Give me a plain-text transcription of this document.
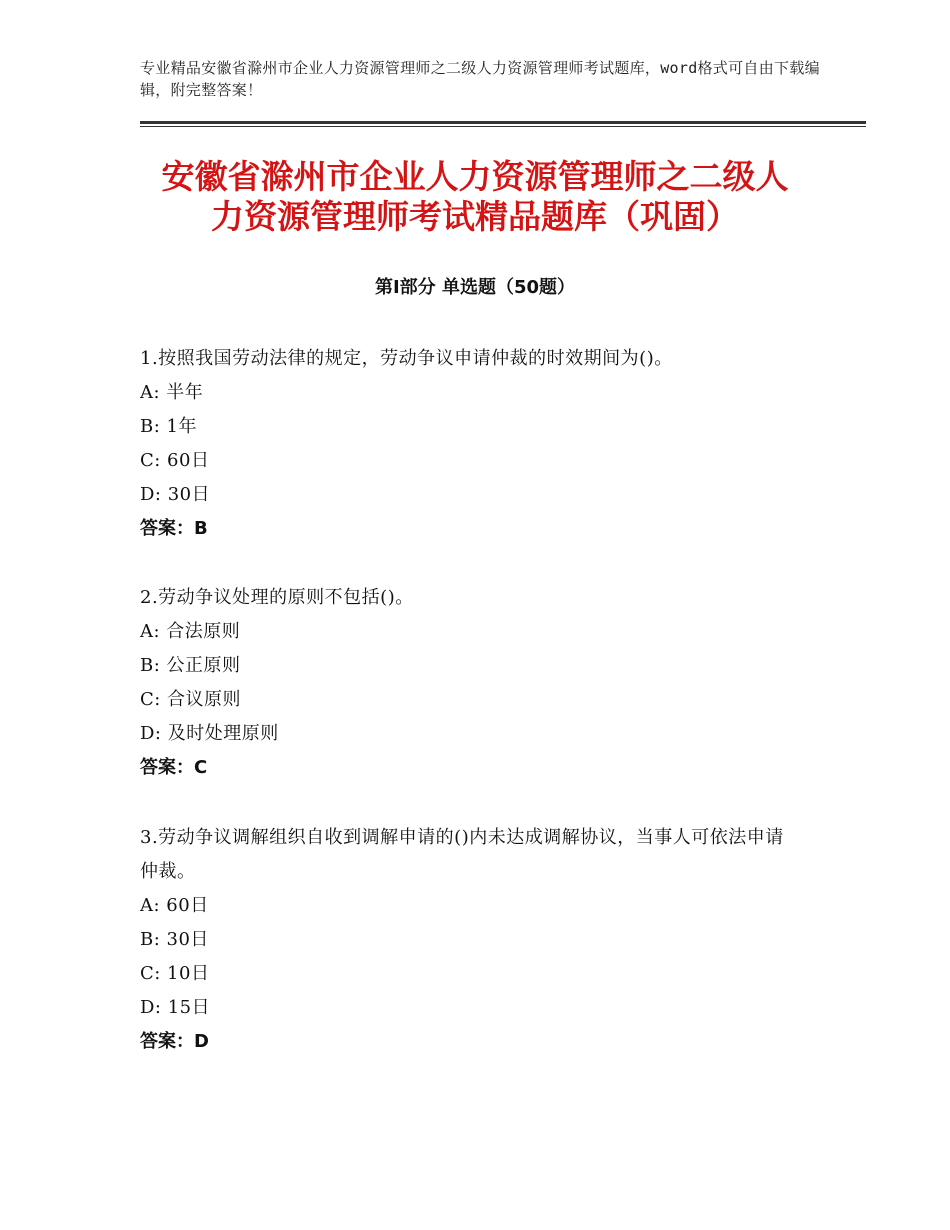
专业精品安徽省滁州市企业人力资源管理师之二级人力资源管理师考试题库，word格式可自由下载编辑，附完整答案！
安徽省滁州市企业人力资源管理师之二级人
力资源管理师考试精品题库（巩固）
第Ⅰ部分 单选题（50题）

1.按照我国劳动法律的规定，劳动争议申请仲裁的时效期间为()。

A: 半年

B: 1年

C: 60日

D: 30日

答案：B

2.劳动争议处理的原则不包括()。

A: 合法原则

B: 公正原则

C: 合议原则

D: 及时处理原则

答案：C

3.劳动争议调解组织自收到调解申请的()内未达成调解协议，当事人可依法申请仲裁。

A: 60日

B: 30日

C: 10日

D: 15日

答案：D
